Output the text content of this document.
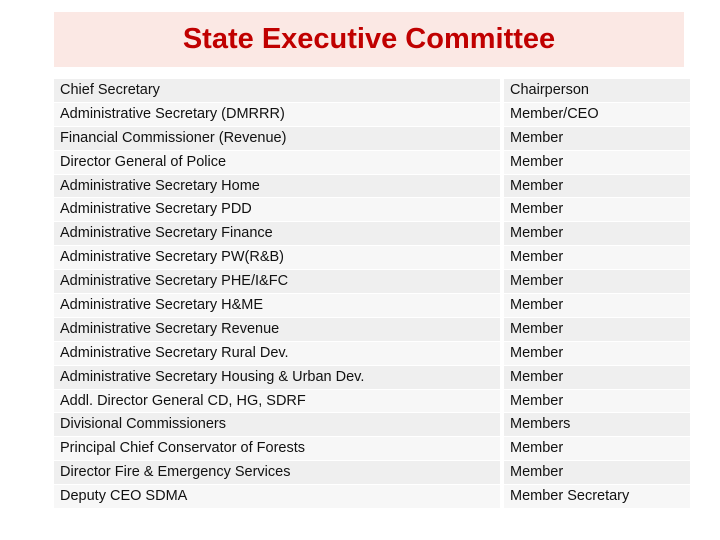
State Executive Committee
Chief Secretary	Chairperson
Administrative Secretary (DMRRR)	Member/CEO
Financial Commissioner (Revenue)	Member
Director General of Police	Member
Administrative Secretary Home	Member
Administrative Secretary PDD	Member
Administrative Secretary Finance	Member
Administrative Secretary PW(R&B)	Member
Administrative Secretary PHE/I&FC	Member
Administrative Secretary H&ME	Member
Administrative Secretary Revenue	Member
Administrative Secretary Rural Dev.	Member
Administrative Secretary Housing & Urban Dev.	Member
Addl. Director General CD, HG, SDRF	Member
Divisional Commissioners	Members
Principal Chief Conservator of Forests	Member
Director Fire & Emergency Services	Member
Deputy CEO SDMA	Member Secretary
